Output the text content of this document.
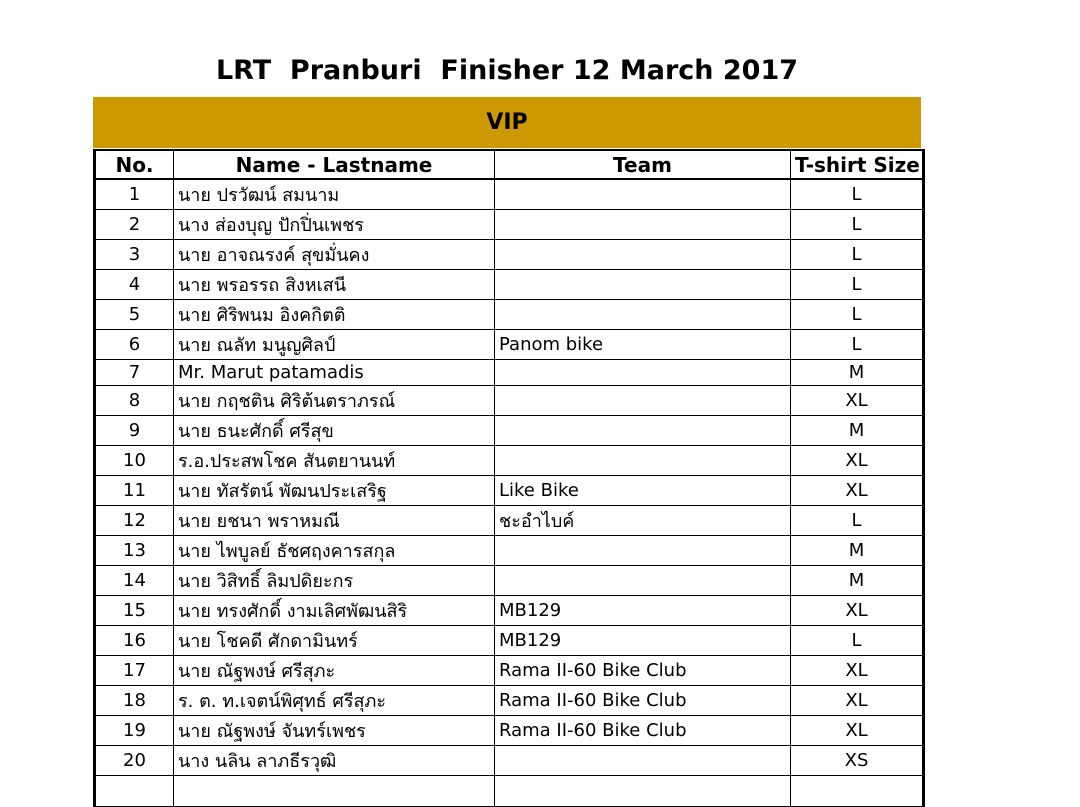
LRT  Pranburi  Finisher 12 March 2017
VIP
No.	Name - Lastname	Team	T-shirt Size
1	นาย ปรวัฒน์ สมนาม		L
2	นาง ส่องบุญ ปักปิ่นเพชร		L
3	นาย อาจณรงค์ สุขมั่นคง		L
4	นาย พรอรรถ สิงหเสนี		L
5	นาย ศิริพนม อิงคกิตติ		L
6	นาย ณลัท มนูญศิลป์	Panom bike	L
7	Mr. Marut patamadis		M
8	นาย กฤชติน ศิริต้นตราภรณ์		XL
9	นาย ธนะศักดิ์ ศรีสุข		M
10	ร.อ.ประสพโชค สันตยานนท์		XL
11	นาย ทัสรัตน์ พัฒนประเสริฐ	Like Bike	XL
12	นาย ยชนา พราหมณี	ชะอำไบค์	L
13	นาย ไพบูลย์ ธัชศฤงคารสกุล		M
14	นาย วิสิทธิ์ ลิมปดิยะกร		M
15	นาย ทรงศักดิ์ งามเลิศพัฒนสิริ	MB129	XL
16	นาย โชคดี ศักดามินทร์	MB129	L
17	นาย ณัฐพงษ์ ศรีสุภะ	Rama II-60 Bike Club	XL
18	ร. ต. ท.เจตน์พิศุทธ์ ศรีสุภะ	Rama II-60 Bike Club	XL
19	นาย ณัฐพงษ์ จันทร์เพชร	Rama II-60 Bike Club	XL
20	นาง นลิน ลาภธีรวุฒิ		XS
